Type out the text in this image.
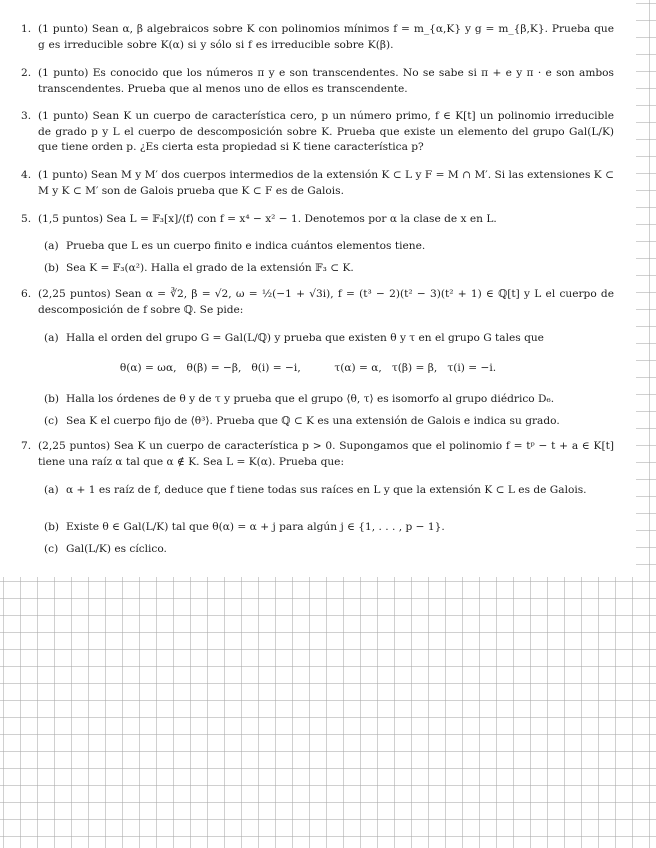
1. (1 punto) Sean α, β algebraicos sobre K con polinomios mínimos f = m_{α,K} y g = m_{β,K}. Prueba que g es irreducible sobre K(α) si y sólo si f es irreducible sobre K(β).

2. (1 punto) Es conocido que los números π y e son transcendentes. No se sabe si π + e y π · e son ambos transcendentes. Prueba que al menos uno de ellos es transcendente.

3. (1 punto) Sean K un cuerpo de característica cero, p un número primo, f ∈ K[t] un polinomio irreducible de grado p y L el cuerpo de descomposición sobre K. Prueba que existe un elemento del grupo Gal(L/K) que tiene orden p. ¿Es cierta esta propiedad si K tiene característica p?

4. (1 punto) Sean M y M′ dos cuerpos intermedios de la extensión K ⊂ L y F = M ∩ M′. Si las extensiones K ⊂ M y K ⊂ M′ son de Galois prueba que K ⊂ F es de Galois.

5. (1,5 puntos) Sea L = 𝔽₃[x]/⟨f⟩ con f = x⁴ − x² − 1. Denotemos por α la clase de x en L.

(a) Prueba que L es un cuerpo finito e indica cuántos elementos tiene.

(b) Sea K = 𝔽₃(α²). Halla el grado de la extensión 𝔽₃ ⊂ K.

6. (2,25 puntos) Sean α = ∛2, β = √2, ω = ½(−1 + √3i), f = (t³ − 2)(t² − 3)(t² + 1) ∈ ℚ[t] y L el cuerpo de descomposición de f sobre ℚ. Se pide:

(a) Halla el orden del grupo G = Gal(L/ℚ) y prueba que existen θ y τ en el grupo G tales que

θ(α) = ωα,   θ(β) = −β,   θ(i) = −i,          τ(α) = α,   τ(β) = β,   τ(i) = −i.
(b) Halla los órdenes de θ y de τ y prueba que el grupo ⟨θ, τ⟩ es isomorfo al grupo diédrico D₆.

(c) Sea K el cuerpo fijo de ⟨θ³⟩. Prueba que ℚ ⊂ K es una extensión de Galois e indica su grado.

7. (2,25 puntos) Sea K un cuerpo de característica p > 0. Supongamos que el polinomio f = tᵖ − t + a ∈ K[t] tiene una raíz α tal que α ∉ K. Sea L = K(α). Prueba que:

(a) α + 1 es raíz de f, deduce que f tiene todas sus raíces en L y que la extensión K ⊂ L es de Galois.

(b) Existe θ ∈ Gal(L/K) tal que θ(α) = α + j para algún j ∈ {1, . . . , p − 1}.

(c) Gal(L/K) es cíclico.
